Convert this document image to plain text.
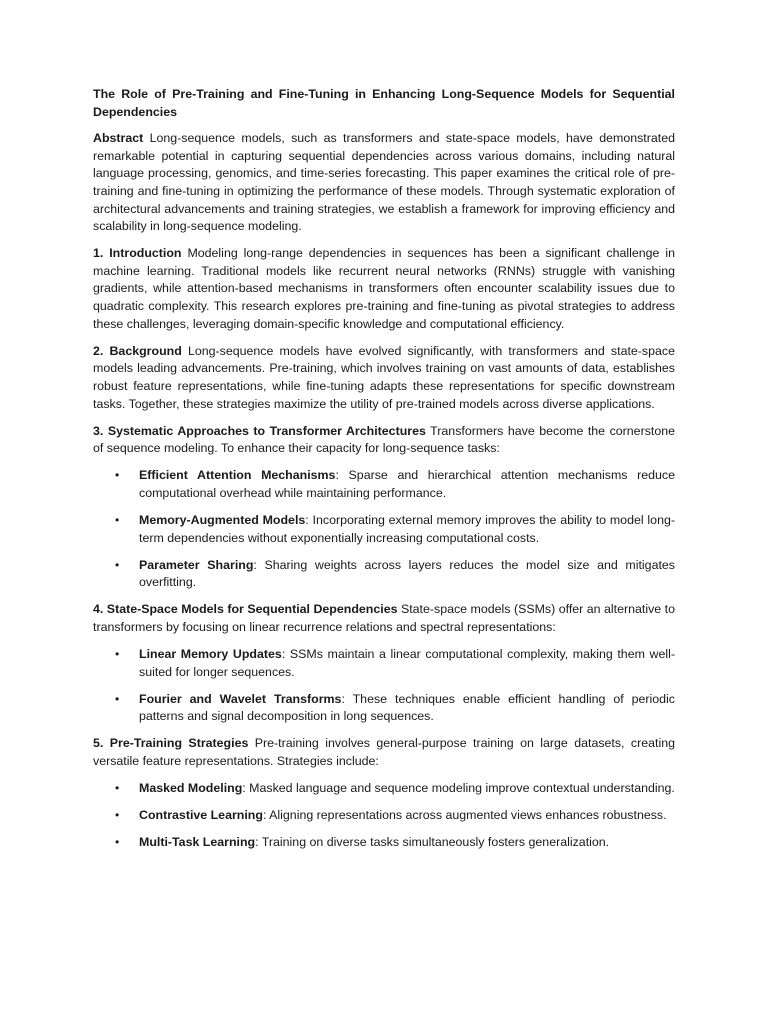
The Role of Pre-Training and Fine-Tuning in Enhancing Long-Sequence Models for Sequential Dependencies

Abstract Long-sequence models, such as transformers and state-space models, have demonstrated remarkable potential in capturing sequential dependencies across various domains, including natural language processing, genomics, and time-series forecasting. This paper examines the critical role of pre-training and fine-tuning in optimizing the performance of these models. Through systematic exploration of architectural advancements and training strategies, we establish a framework for improving efficiency and scalability in long-sequence modeling.

1. Introduction Modeling long-range dependencies in sequences has been a significant challenge in machine learning. Traditional models like recurrent neural networks (RNNs) struggle with vanishing gradients, while attention-based mechanisms in transformers often encounter scalability issues due to quadratic complexity. This research explores pre-training and fine-tuning as pivotal strategies to address these challenges, leveraging domain-specific knowledge and computational efficiency.

2. Background Long-sequence models have evolved significantly, with transformers and state-space models leading advancements. Pre-training, which involves training on vast amounts of data, establishes robust feature representations, while fine-tuning adapts these representations for specific downstream tasks. Together, these strategies maximize the utility of pre-trained models across diverse applications.

3. Systematic Approaches to Transformer Architectures Transformers have become the cornerstone of sequence modeling. To enhance their capacity for long-sequence tasks:

• Efficient Attention Mechanisms: Sparse and hierarchical attention mechanisms reduce computational overhead while maintaining performance.
• Memory-Augmented Models: Incorporating external memory improves the ability to model long-term dependencies without exponentially increasing computational costs.
• Parameter Sharing: Sharing weights across layers reduces the model size and mitigates overfitting.

4. State-Space Models for Sequential Dependencies State-space models (SSMs) offer an alternative to transformers by focusing on linear recurrence relations and spectral representations:

• Linear Memory Updates: SSMs maintain a linear computational complexity, making them well-suited for longer sequences.
• Fourier and Wavelet Transforms: These techniques enable efficient handling of periodic patterns and signal decomposition in long sequences.

5. Pre-Training Strategies Pre-training involves general-purpose training on large datasets, creating versatile feature representations. Strategies include:

• Masked Modeling: Masked language and sequence modeling improve contextual understanding.
• Contrastive Learning: Aligning representations across augmented views enhances robustness.
• Multi-Task Learning: Training on diverse tasks simultaneously fosters generalization.
